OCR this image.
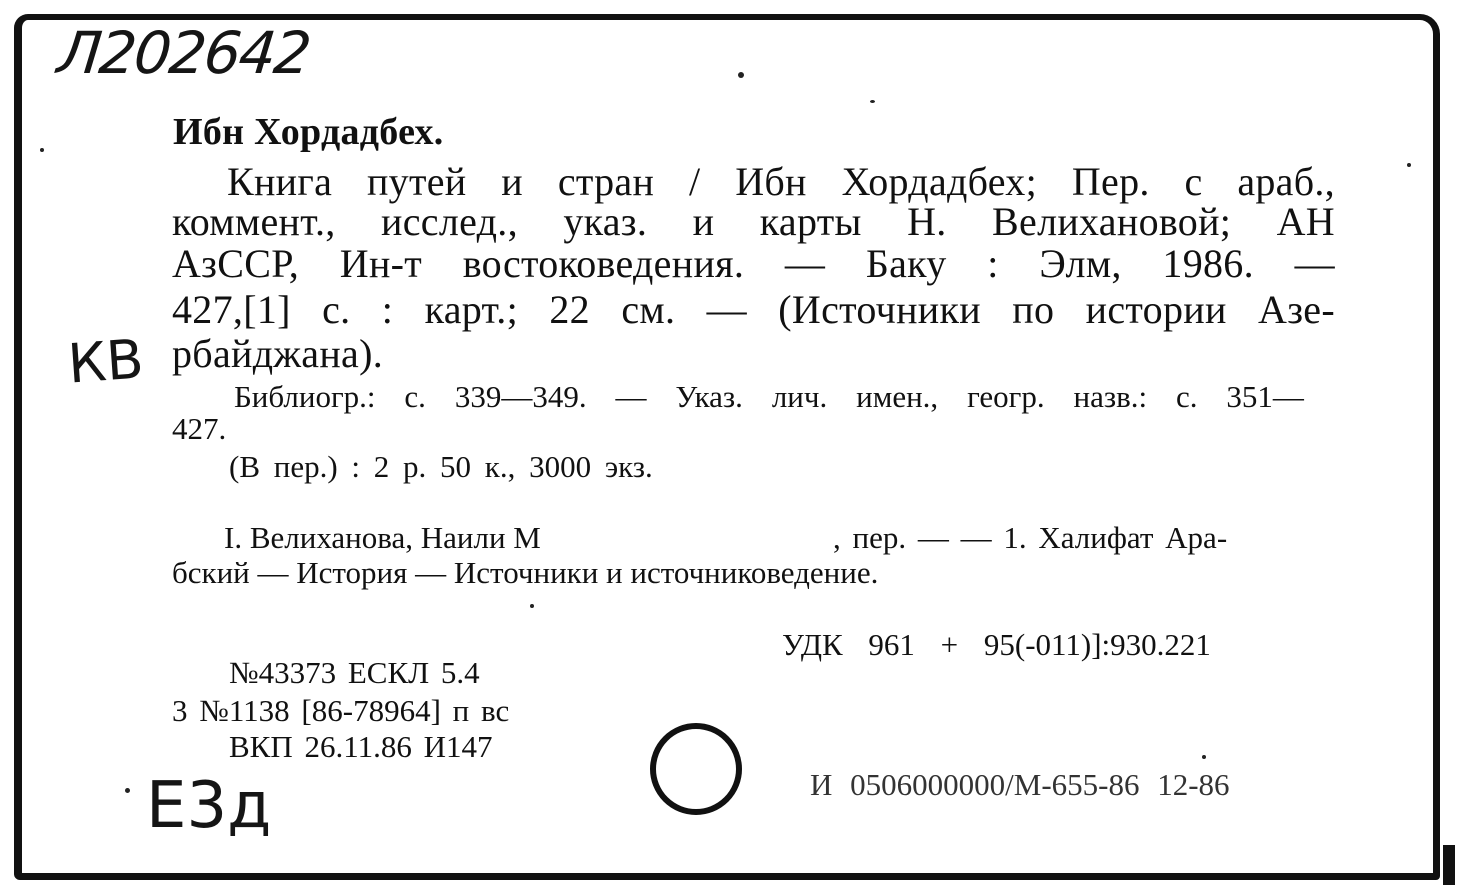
Л202642
КВ
Е3д
Ибн Хордадбех.
Книга путей и стран / Ибн Хордадбех; Пер. с араб.,
коммент., исслед., указ. и карты Н. Велихановой; АН
АзССР, Ин-т востоковедения. — Баку : Элм, 1986. —
427,[1] с. : карт.; 22 см. — (Источники по истории Азе-
рбайджана).
Библиогр.: с. 339—349. — Указ. лич. имен., геогр. назв.: с. 351—
427.
(В пер.) : 2 р. 50 к., 3000 экз.
I. Велиханова, Наили М	, пер. — — 1. Халифат Ара-
бский — История — Источники и источниковедение.
УДК 961 + 95(-011)]:930.221
№43373 ЕСКЛ 5.4
3 №1138 [86-78964] п вс
ВКП 26.11.86 И147
И 0506000000/М-655-86 12-86
